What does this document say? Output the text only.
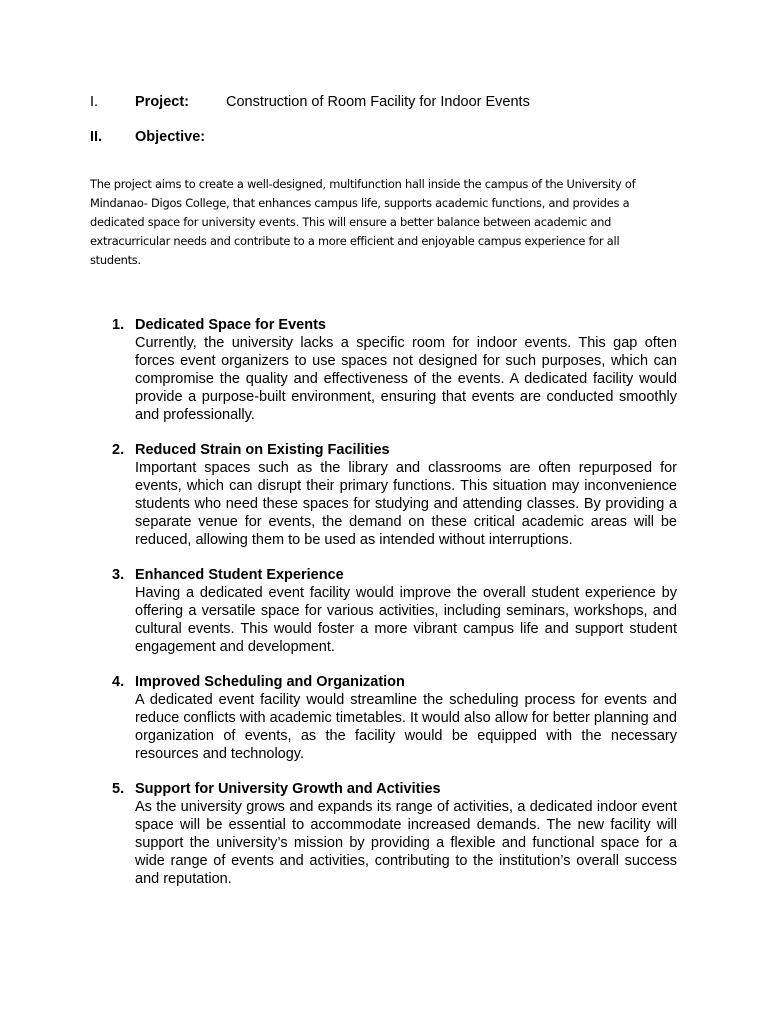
I.	Project:	Construction of Room Facility for Indoor Events
II. Objective:

The project aims to create a well-designed, multifunction hall inside the campus of the University of Mindanao- Digos College, that enhances campus life, supports academic functions, and provides a dedicated space for university events. This will ensure a better balance between academic and extracurricular needs and contribute to a more efficient and enjoyable campus experience for all students.

1. Dedicated Space for Events
Currently, the university lacks a specific room for indoor events. This gap often forces event organizers to use spaces not designed for such purposes, which can compromise the quality and effectiveness of the events. A dedicated facility would provide a purpose-built environment, ensuring that events are conducted smoothly and professionally.
2. Reduced Strain on Existing Facilities
Important spaces such as the library and classrooms are often repurposed for events, which can disrupt their primary functions. This situation may inconvenience students who need these spaces for studying and attending classes. By providing a separate venue for events, the demand on these critical academic areas will be reduced, allowing them to be used as intended without interruptions.
3. Enhanced Student Experience
Having a dedicated event facility would improve the overall student experience by offering a versatile space for various activities, including seminars, workshops, and cultural events. This would foster a more vibrant campus life and support student engagement and development.
4. Improved Scheduling and Organization
A dedicated event facility would streamline the scheduling process for events and reduce conflicts with academic timetables. It would also allow for better planning and organization of events, as the facility would be equipped with the necessary resources and technology.
5. Support for University Growth and Activities
As the university grows and expands its range of activities, a dedicated indoor event space will be essential to accommodate increased demands. The new facility will support the university’s mission by providing a flexible and functional space for a wide range of events and activities, contributing to the institution’s overall success and reputation.
